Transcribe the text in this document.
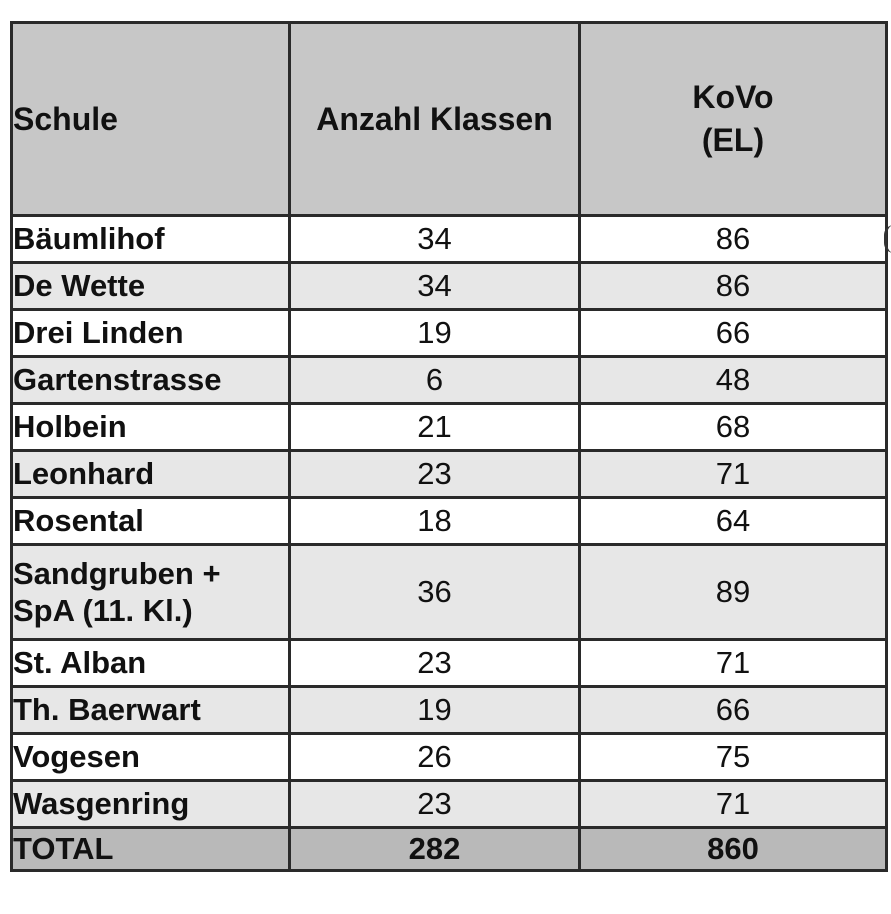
Schule	Anzahl Klassen	KoVo
(EL)
Bäumlihof	34	86
De Wette	34	86
Drei Linden	19	66
Gartenstrasse	6	48
Holbein	21	68
Leonhard	23	71
Rosental	18	64
Sandgruben +
SpA (11. Kl.)	36	89
St. Alban	23	71
Th. Baerwart	19	66
Vogesen	26	75
Wasgenring	23	71
TOTAL	282	860
